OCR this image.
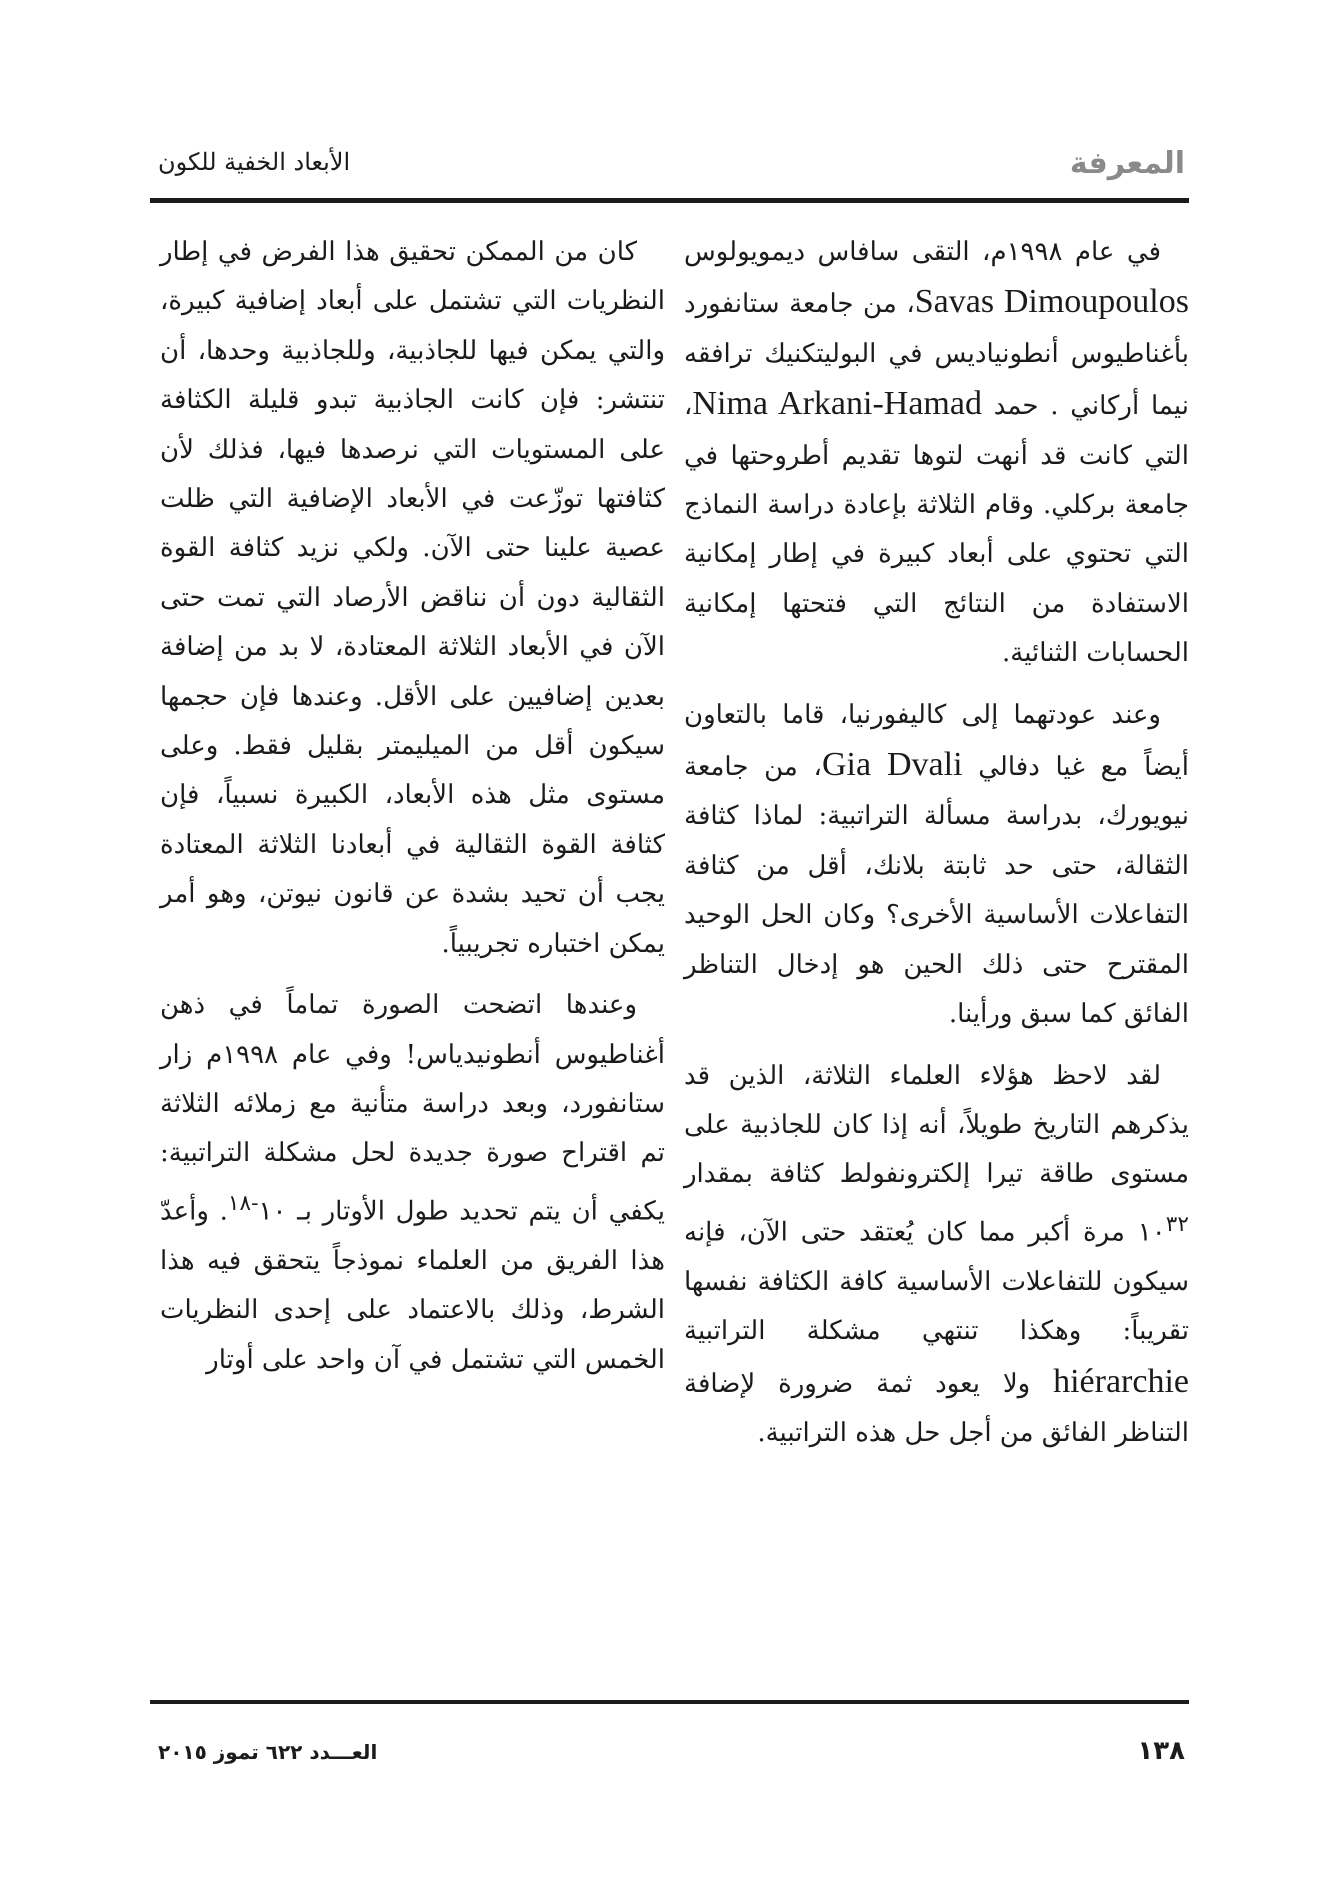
الأبعاد الخفية للكون	المعرفة

في عام ١٩٩٨م، التقى سافاس ديمويولوس Savas Dimoupoulos، من جامعة ستانفورد بأغناطيوس أنطونياديس في البوليتكنيك ترافقه نيما أركاني . حمد Nima Arkani-Hamad، التي كانت قد أنهت لتوها تقديم أطروحتها في جامعة بركلي. وقام الثلاثة بإعادة دراسة النماذج التي تحتوي على أبعاد كبيرة في إطار إمكانية الاستفادة من النتائج التي فتحتها إمكانية الحسابات الثنائية.

وعند عودتهما إلى كاليفورنيا، قاما بالتعاون أيضاً مع غيا دفالي Gia Dvali، من جامعة نيويورك، بدراسة مسألة التراتبية: لماذا كثافة الثقالة، حتى حد ثابتة بلانك، أقل من كثافة التفاعلات الأساسية الأخرى؟ وكان الحل الوحيد المقترح حتى ذلك الحين هو إدخال التناظر الفائق كما سبق ورأينا.

لقد لاحظ هؤلاء العلماء الثلاثة، الذين قد يذكرهم التاريخ طويلاً، أنه إذا كان للجاذبية على مستوى طاقة تيرا إلكترونفولط كثافة بمقدار $١٠^{٣٢}$ مرة أكبر مما كان يُعتقد حتى الآن، فإنه سيكون للتفاعلات الأساسية كافة الكثافة نفسها تقريباً: وهكذا تنتهي مشكلة التراتبية hiérarchie ولا يعود ثمة ضرورة لإضافة التناظر الفائق من أجل حل هذه التراتبية.

كان من الممكن تحقيق هذا الفرض في إطار النظريات التي تشتمل على أبعاد إضافية كبيرة، والتي يمكن فيها للجاذبية، وللجاذبية وحدها، أن تنتشر: فإن كانت الجاذبية تبدو قليلة الكثافة على المستويات التي نرصدها فيها، فذلك لأن كثافتها توزّعت في الأبعاد الإضافية التي ظلت عصية علينا حتى الآن. ولكي نزيد كثافة القوة الثقالية دون أن نناقض الأرصاد التي تمت حتى الآن في الأبعاد الثلاثة المعتادة، لا بد من إضافة بعدين إضافيين على الأقل. وعندها فإن حجمها سيكون أقل من الميليمتر بقليل فقط. وعلى مستوى مثل هذه الأبعاد، الكبيرة نسبياً، فإن كثافة القوة الثقالية في أبعادنا الثلاثة المعتادة يجب أن تحيد بشدة عن قانون نيوتن، وهو أمر يمكن اختباره تجريبياً.

وعندها اتضحت الصورة تماماً في ذهن أغناطيوس أنطونيدياس! وفي عام ١٩٩٨م زار ستانفورد، وبعد دراسة متأنية مع زملائه الثلاثة تم اقتراح صورة جديدة لحل مشكلة التراتبية: يكفي أن يتم تحديد طول الأوتار بـ $١٠^{-١٨}$. وأعدّ هذا الفريق من العلماء نموذجاً يتحقق فيه هذا الشرط، وذلك بالاعتماد على إحدى النظريات الخمس التي تشتمل في آن واحد على أوتار

١٣٨
العـــدد ٦٢٢ تموز ٢٠١٥
